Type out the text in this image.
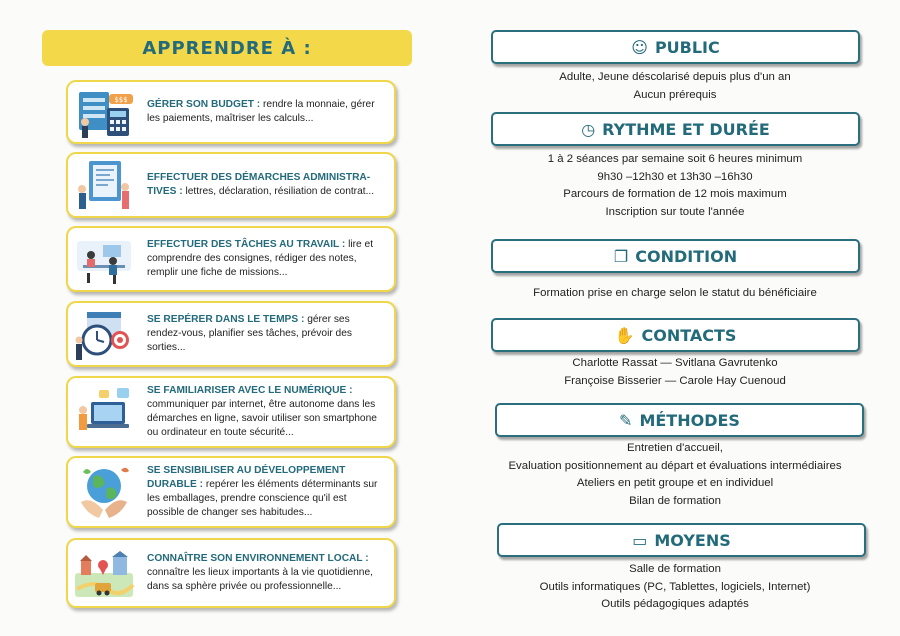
APPRENDRE À :
$$$ GÉRER SON BUDGET : rendre la monnaie, gérer les paiements, maîtriser les calculs...
EFFECTUER DES DÉMARCHES ADMINISTRA-TIVES : lettres, déclaration, résiliation de contrat...
EFFECTUER DES TÂCHES AU TRAVAIL : lire et comprendre des consignes, rédiger des notes, remplir une fiche de missions...
SE REPÉRER DANS LE TEMPS : gérer ses rendez-vous, planifier ses tâches, prévoir des sorties...
SE FAMILIARISER AVEC LE NUMÉRIQUE : communiquer par internet, être autonome dans les démarches en ligne, savoir utiliser son smartphone ou ordinateur en toute sécurité...
SE SENSIBILISER AU DÉVELOPPEMENT DURABLE : repérer les éléments déterminants sur les emballages, prendre conscience qu'il est possible de changer ses habitudes...
CONNAÎTRE SON ENVIRONNEMENT LOCAL : connaître les lieux importants à la vie quotidienne, dans sa sphère privée ou professionnelle...
☺ PUBLIC
Adulte, Jeune déscolarisé depuis plus d'un an
Aucun prérequis
◷ RYTHME ET DURÉE
1 à 2 séances par semaine soit 6 heures minimum
9h30 –12h30 et 13h30 –16h30
Parcours de formation de 12 mois maximum
Inscription sur toute l'année
❐ CONDITION
Formation prise en charge selon le statut du bénéficiaire
✋ CONTACTS
Charlotte Rassat — Svitlana Gavrutenko
Françoise Bisserier — Carole Hay Cuenoud
✎ MÉTHODES
Entretien d'accueil,
Evaluation positionnement au départ et évaluations intermédiaires
Ateliers en petit groupe et en individuel
Bilan de formation
▭ MOYENS
Salle de formation
Outils informatiques (PC, Tablettes, logiciels, Internet)
Outils pédagogiques adaptés
